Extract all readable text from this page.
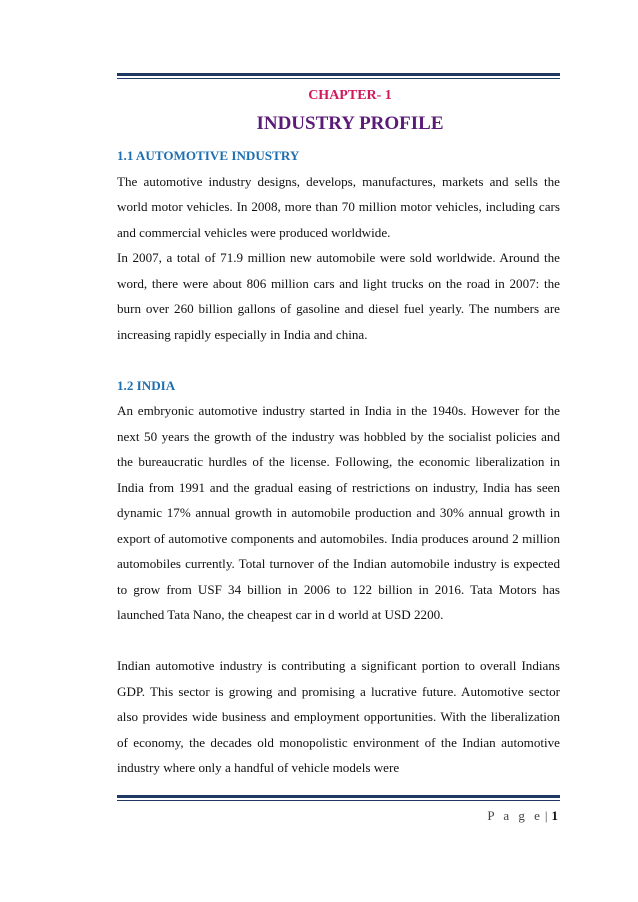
CHAPTER- 1
INDUSTRY PROFILE
1.1 AUTOMOTIVE INDUSTRY

The automotive industry designs, develops, manufactures, markets and sells the world motor vehicles. In 2008, more than 70 million motor vehicles, including cars and commercial vehicles were produced worldwide.

In 2007, a total of 71.9 million new automobile were sold worldwide. Around the word, there were about 806 million cars and light trucks on the road in 2007: the burn over 260 billion gallons of gasoline and diesel fuel yearly. The numbers are increasing rapidly especially in India and china.

1.2 INDIA

An embryonic automotive industry started in India in the 1940s. However for the next 50 years the growth of the industry was hobbled by the socialist policies and the bureaucratic hurdles of the license. Following, the economic liberalization in India from 1991 and the gradual easing of restrictions on industry, India has seen dynamic 17% annual growth in automobile production and 30% annual growth in export of automotive components and automobiles. India produces around 2 million automobiles currently. Total turnover of the Indian automobile industry is expected to grow from USF 34 billion in 2006 to 122 billion in 2016. Tata Motors has launched Tata Nano, the cheapest car in d world at USD 2200.

Indian automotive industry is contributing a significant portion to overall Indians GDP. This sector is growing and promising a lucrative future. Automotive sector also provides wide business and employment opportunities. With the liberalization of economy, the decades old monopolistic environment of the Indian automotive industry where only a handful of vehicle models were

P a g e | 1
